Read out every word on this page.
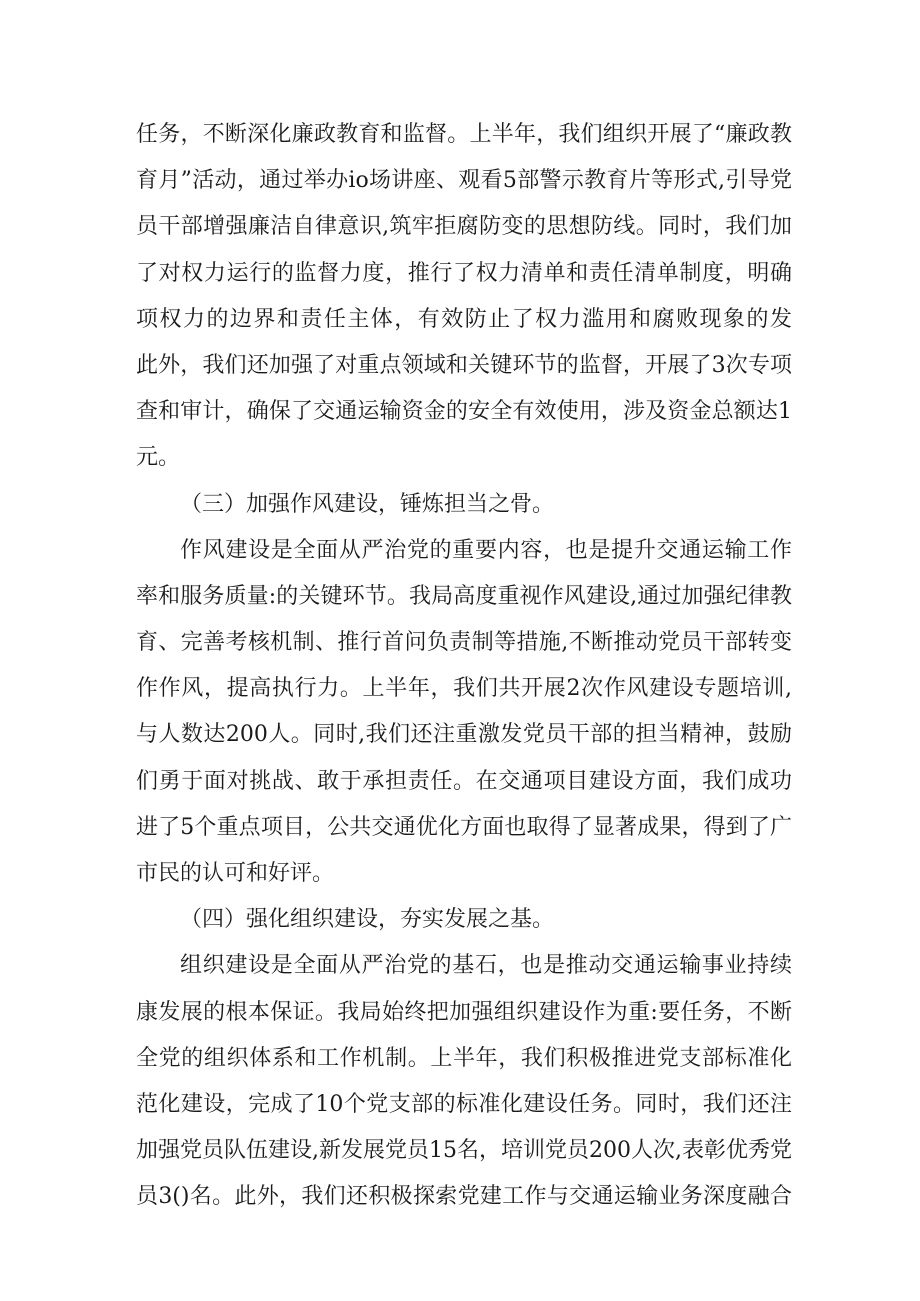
任务，不断深化廉政教育和监督。上半年，我们组织开展了“廉政教
育月”活动，通过举办io场讲座、观看5部警示教育片等形式,引导党
员干部增强廉洁自律意识,筑牢拒腐防变的思想防线。同时，我们加
了对权力运行的监督力度，推行了权力清单和责任清单制度，明确
项权力的边界和责任主体，有效防止了权力滥用和腐败现象的发
此外，我们还加强了对重点领域和关键环节的监督，开展了3次专项
查和审计，确保了交通运输资金的安全有效使用，涉及资金总额达1
元。
（三）加强作风建设，锤炼担当之骨。
作风建设是全面从严治党的重要内容，也是提升交通运输工作
率和服务质量:的关键环节。我局高度重视作风建设,通过加强纪律教
育、完善考核机制、推行首问负责制等措施,不断推动党员干部转变
作作风，提高执行力。上半年，我们共开展2次作风建设专题培训,
与人数达200人。同时,我们还注重激发党员干部的担当精神，鼓励
们勇于面对挑战、敢于承担责任。在交通项目建设方面，我们成功
进了5个重点项目，公共交通优化方面也取得了显著成果，得到了广
市民的认可和好评。
（四）强化组织建设，夯实发展之基。
组织建设是全面从严治党的基石，也是推动交通运输事业持续
康发展的根本保证。我局始终把加强组织建设作为重:要任务，不断
全党的组织体系和工作机制。上半年，我们积极推进党支部标准化
范化建设，完成了10个党支部的标准化建设任务。同时，我们还注
加强党员队伍建设,新发展党员15名，培训党员200人次,表彰优秀党
员3()名。此外，我们还积极探索党建工作与交通运输业务深度融合
